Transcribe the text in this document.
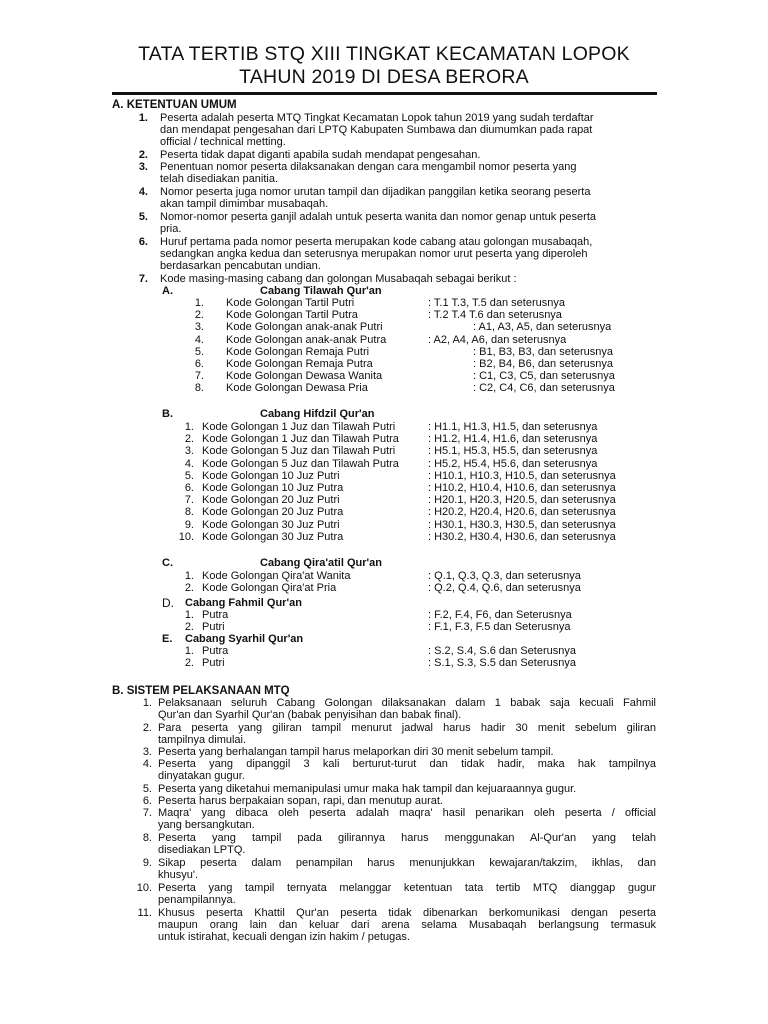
TATA TERTIB STQ XIII TINGKAT KECAMATAN LOPOK
TAHUN 2019 DI DESA BERORA
A. KETENTUAN UMUM
1. Peserta adalah peserta MTQ Tingkat Kecamatan Lopok tahun 2019 yang sudah terdaftar
dan mendapat pengesahan dari LPTQ Kabupaten Sumbawa dan diumumkan pada rapat
official / technical metting.
2. Peserta tidak dapat diganti apabila sudah mendapat pengesahan.
3. Penentuan nomor peserta dilaksanakan dengan cara mengambil nomor peserta yang
telah disediakan panitia.
4. Nomor peserta juga nomor urutan tampil dan dijadikan panggilan ketika seorang peserta
akan tampil dimimbar musabaqah.
5. Nomor-nomor peserta ganjil adalah untuk peserta wanita dan nomor genap untuk peserta
pria.
6. Huruf pertama pada nomor peserta merupakan kode cabang atau golongan musabaqah,
sedangkan angka kedua dan seterusnya merupakan nomor urut peserta yang diperoleh
berdasarkan pencabutan undian.
7. Kode masing-masing cabang dan golongan Musabaqah sebagai berikut :
A.	Cabang Tilawah Qur'an
1. Kode Golongan Tartil Putri	: T.1 T.3, T.5 dan seterusnya
2. Kode Golongan Tartil Putra	: T.2 T.4 T.6 dan seterusnya
3. Kode Golongan anak-anak Putri	: A1, A3, A5, dan seterusnya
4. Kode Golongan anak-anak Putra	: A2, A4, A6, dan seterusnya
5. Kode Golongan Remaja Putri	: B1, B3, B3, dan seterusnya
6. Kode Golongan Remaja Putra	: B2, B4, B6, dan seterusnya
7. Kode Golongan Dewasa Wanita	: C1, C3, C5, dan seterusnya
8. Kode Golongan Dewasa Pria	: C2, C4, C6, dan seterusnya
B.	Cabang Hifdzil Qur'an
1. Kode Golongan 1 Juz dan Tilawah Putri	: H1.1, H1.3, H1.5, dan seterusnya
2. Kode Golongan 1 Juz dan Tilawah Putra	: H1.2, H1.4, H1.6, dan seterusnya
3. Kode Golongan 5 Juz dan Tilawah Putri	: H5.1, H5.3, H5.5, dan seterusnya
4. Kode Golongan 5 Juz dan Tilawah Putra	: H5.2, H5.4, H5.6, dan seterusnya
5. Kode Golongan 10 Juz Putri	: H10.1, H10.3, H10.5, dan seterusnya
6. Kode Golongan 10 Juz Putra	: H10.2, H10.4, H10.6, dan seterusnya
7. Kode Golongan 20 Juz Putri	: H20.1, H20.3, H20.5, dan seterusnya
8. Kode Golongan 20 Juz Putra	: H20.2, H20.4, H20.6, dan seterusnya
9. Kode Golongan 30 Juz Putri	: H30.1, H30.3, H30.5, dan seterusnya
10. Kode Golongan 30 Juz Putra	: H30.2, H30.4, H30.6, dan seterusnya
C.	Cabang Qira'atil Qur'an
1. Kode Golongan Qira'at Wanita	: Q.1, Q.3, Q.3, dan seterusnya
2. Kode Golongan Qira'at Pria	: Q.2, Q.4, Q.6, dan seterusnya
D. Cabang Fahmil Qur'an
1. Putra	: F.2, F.4, F6, dan Seterusnya
2. Putri	: F.1, F.3, F.5 dan Seterusnya
E. Cabang Syarhil Qur'an
1. Putra	: S.2, S.4, S.6 dan Seterusnya
2. Putri	: S.1, S.3, S.5 dan Seterusnya
B. SISTEM PELAKSANAAN MTQ
1. Pelaksanaan seluruh Cabang Golongan dilaksanakan dalam 1 babak saja kecuali Fahmil
Qur'an dan Syarhil Qur'an (babak penyisihan dan babak final).
2. Para peserta yang giliran tampil menurut jadwal harus hadir 30 menit sebelum giliran
tampilnya dimulai.
3. Peserta yang berhalangan tampil harus melaporkan diri 30 menit sebelum tampil.
4. Peserta yang dipanggil 3 kali berturut-turut dan tidak hadir, maka hak tampilnya
dinyatakan gugur.
5. Peserta yang diketahui memanipulasi umur maka hak tampil dan kejuaraannya gugur.
6. Peserta harus berpakaian sopan, rapi, dan menutup aurat.
7. Maqra' yang dibaca oleh peserta adalah maqra' hasil penarikan oleh peserta / official
yang bersangkutan.
8. Peserta yang tampil pada gilirannya harus menggunakan Al-Qur'an yang telah
disediakan LPTQ.
9. Sikap peserta dalam penampilan harus menunjukkan kewajaran/takzim, ikhlas, dan
khusyu'.
10. Peserta yang tampil ternyata melanggar ketentuan tata tertib MTQ dianggap gugur
penampilannya.
11. Khusus peserta Khattil Qur'an peserta tidak dibenarkan berkomunikasi dengan peserta
maupun orang lain dan keluar dari arena selama Musabaqah berlangsung termasuk
untuk istirahat, kecuali dengan izin hakim / petugas.
